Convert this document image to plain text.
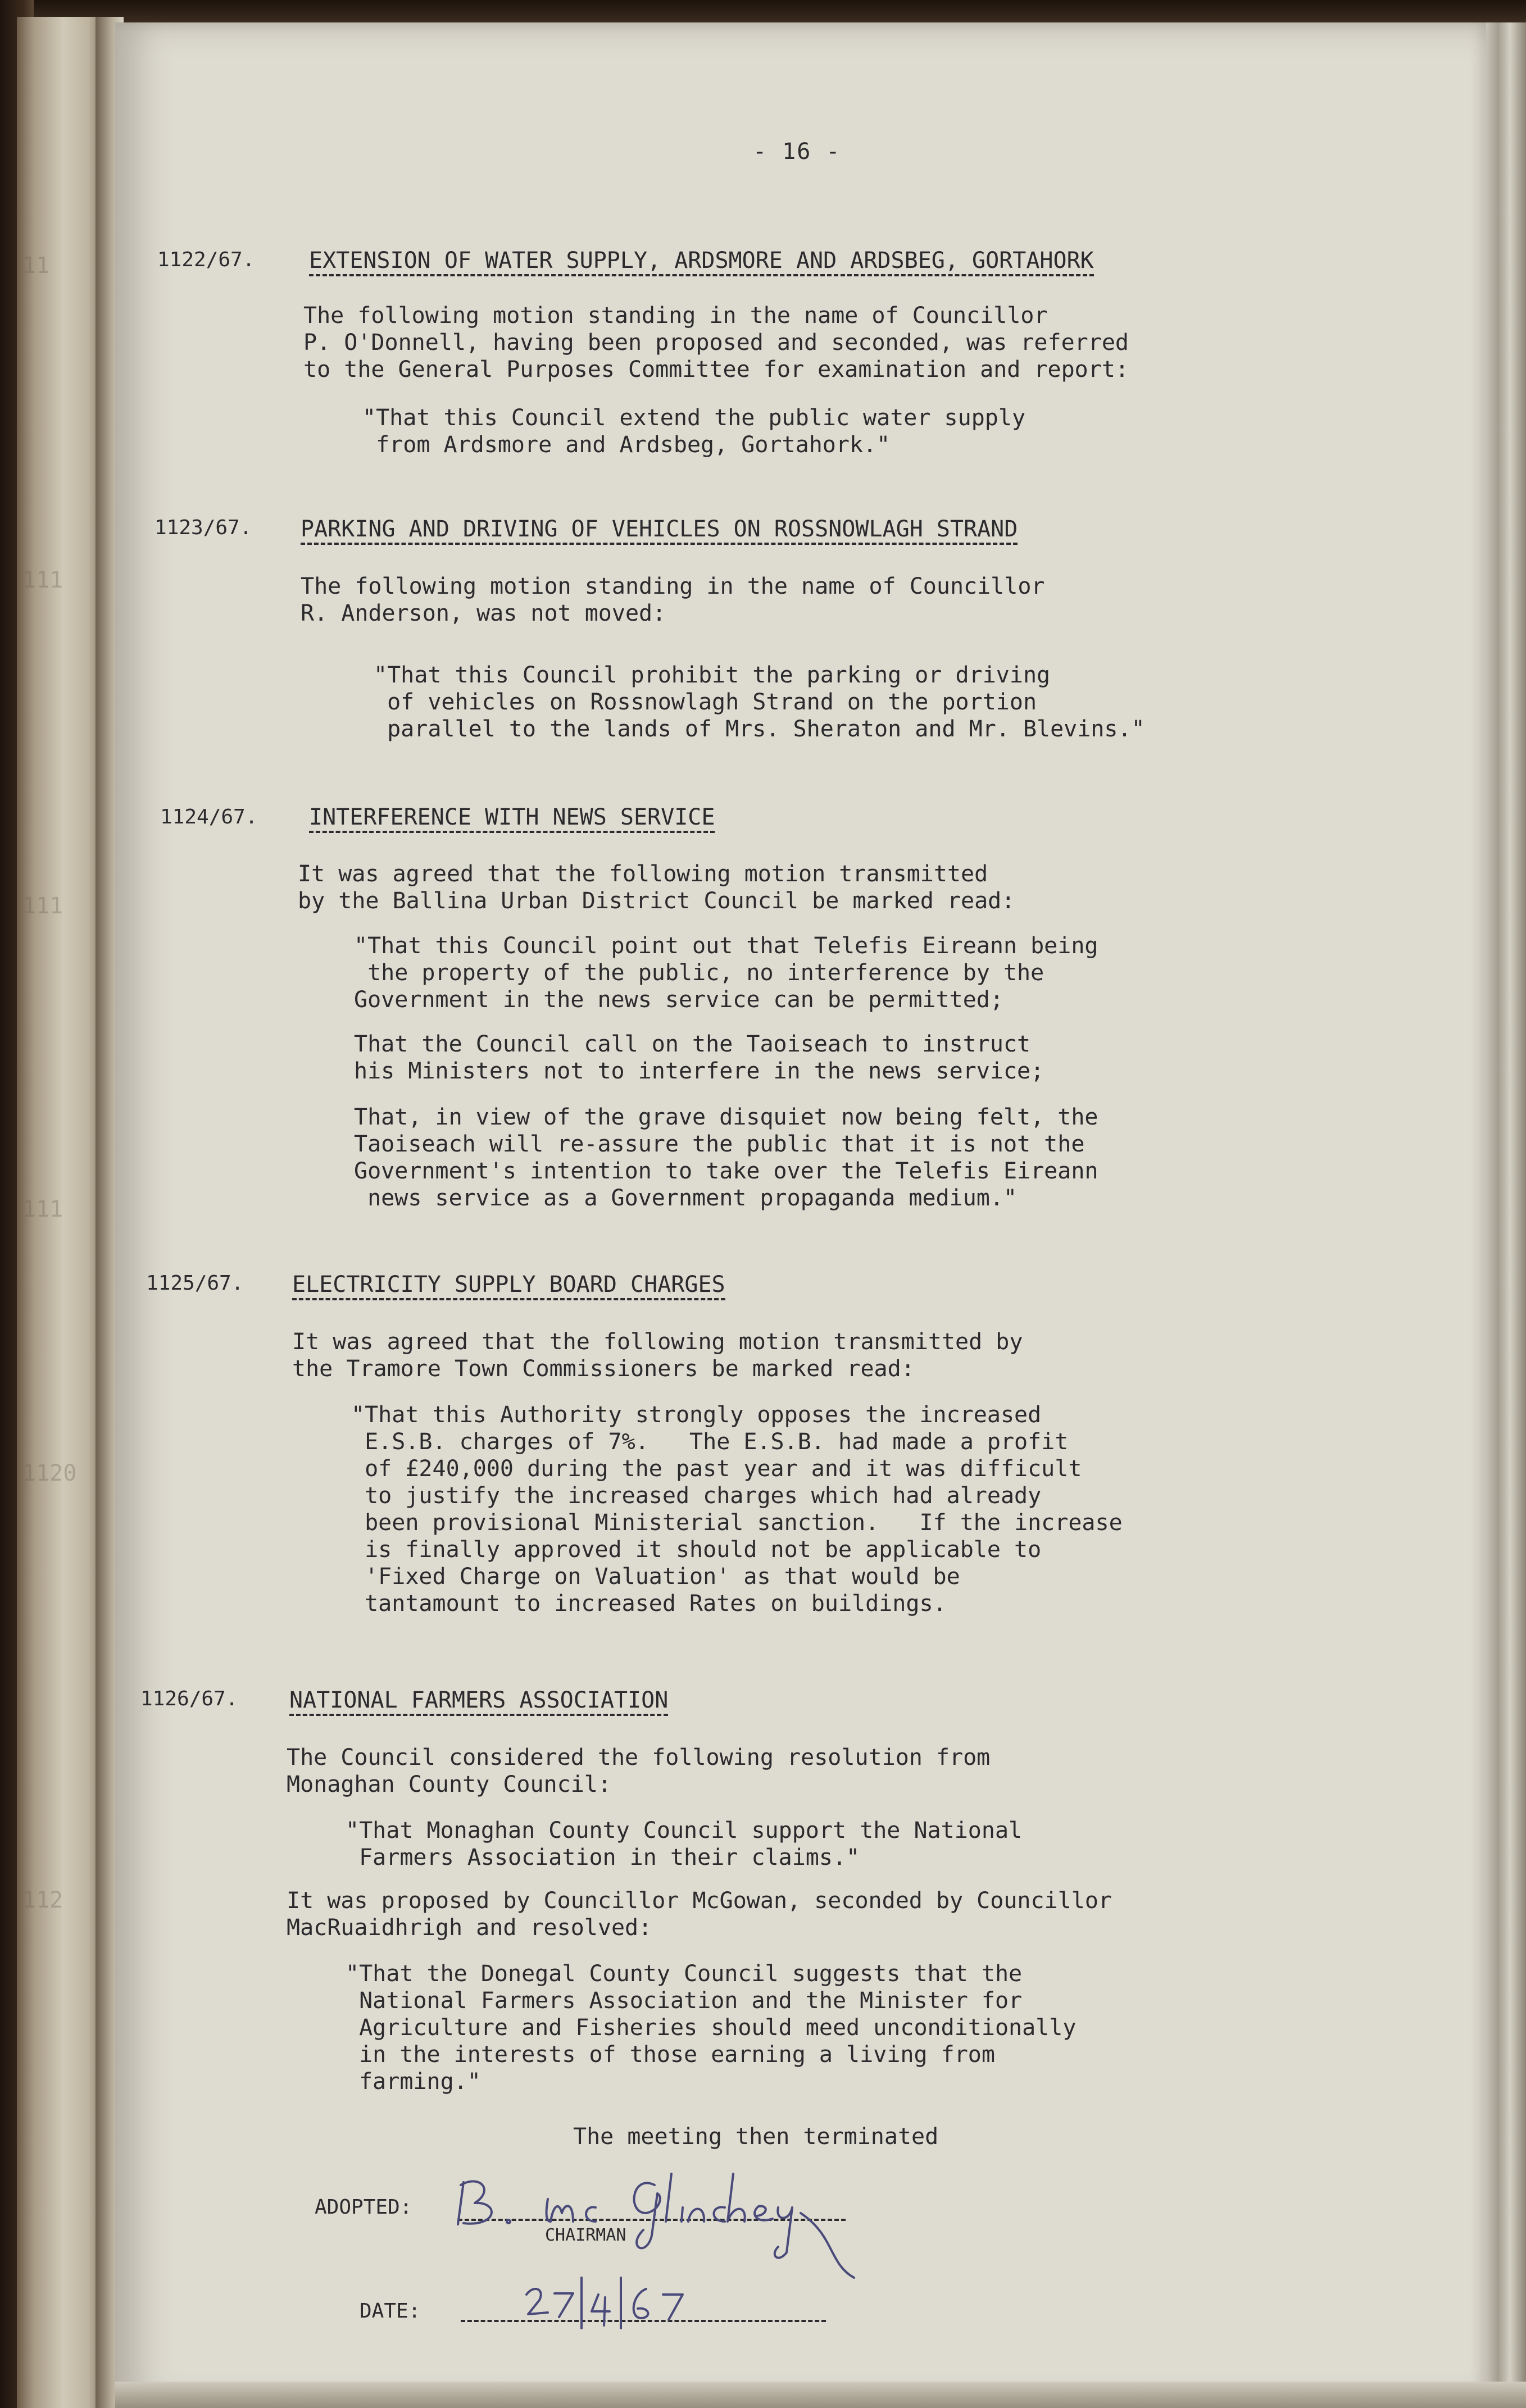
11
111
111
111
1120
112
- 16 -
1122/67. EXTENSION OF WATER SUPPLY, ARDSMORE AND ARDSBEG, GORTAHORK
The following motion standing in the name of Councillor
P. O'Donnell, having been proposed and seconded, was referred
to the General Purposes Committee for examination and report:
"That this Council extend the public water supply
from Ardsmore and Ardsbeg, Gortahork."
1123/67. PARKING AND DRIVING OF VEHICLES ON ROSSNOWLAGH STRAND
The following motion standing in the name of Councillor
R. Anderson, was not moved:
"That this Council prohibit the parking or driving
of vehicles on Rossnowlagh Strand on the portion
parallel to the lands of Mrs. Sheraton and Mr. Blevins."
1124/67. INTERFERENCE WITH NEWS SERVICE
It was agreed that the following motion transmitted
by the Ballina Urban District Council be marked read:
"That this Council point out that Telefis Eireann being
the property of the public, no interference by the
Government in the news service can be permitted;
That the Council call on the Taoiseach to instruct
his Ministers not to interfere in the news service;
That, in view of the grave disquiet now being felt, the
Taoiseach will re-assure the public that it is not the
Government's intention to take over the Telefis Eireann
news service as a Government propaganda medium."
1125/67. ELECTRICITY SUPPLY BOARD CHARGES
It was agreed that the following motion transmitted by
the Tramore Town Commissioners be marked read:
"That this Authority strongly opposes the increased
E.S.B. charges of 7%.   The E.S.B. had made a profit
of £240,000 during the past year and it was difficult
to justify the increased charges which had already
been provisional Ministerial sanction.   If the increase
is finally approved it should not be applicable to
'Fixed Charge on Valuation' as that would be
tantamount to increased Rates on buildings.
1126/67. NATIONAL FARMERS ASSOCIATION
The Council considered the following resolution from
Monaghan County Council:
"That Monaghan County Council support the National
Farmers Association in their claims."
It was proposed by Councillor McGowan, seconded by Councillor
MacRuaidhrigh and resolved:
"That the Donegal County Council suggests that the
National Farmers Association and the Minister for
Agriculture and Fisheries should meed unconditionally
in the interests of those earning a living from
farming."
The meeting then terminated
ADOPTED:
CHAIRMAN
DATE:
